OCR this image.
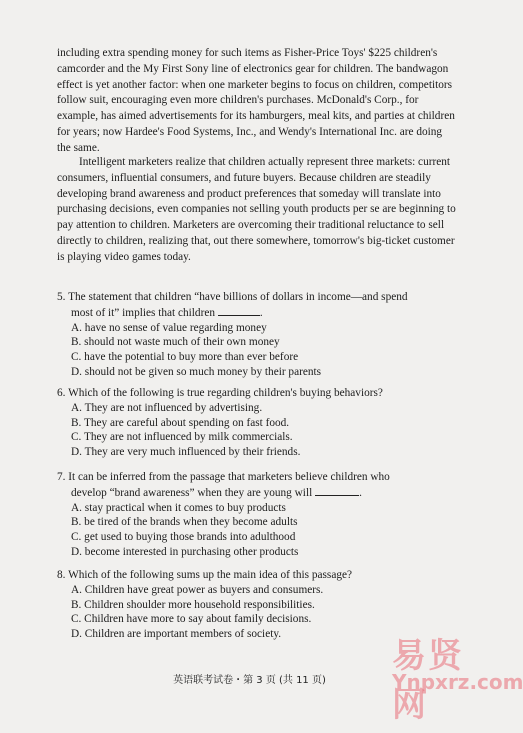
including extra spending money for such items as Fisher-Price Toys' $225 children's camcorder and the My First Sony line of electronics gear for children. The bandwagon effect is yet another factor: when one marketer begins to focus on children, competitors follow suit, encouraging even more children's purchases. McDonald's Corp., for example, has aimed advertisements for its hamburgers, meal kits, and parties at children for years; now Hardee's Food Systems, Inc., and Wendy's International Inc. are doing the same.

Intelligent marketers realize that children actually represent three markets: current consumers, influential consumers, and future buyers. Because children are steadily developing brand awareness and product preferences that someday will translate into purchasing decisions, even companies not selling youth products per se are beginning to pay attention to children. Marketers are overcoming their traditional reluctance to sell directly to children, realizing that, out there somewhere, tomorrow's big-ticket customer is playing video games today.

5. The statement that children “have billions of dollars in income—and spend
most of it” implies that children	.
A. have no sense of value regarding money
B. should not waste much of their own money
C. have the potential to buy more than ever before
D. should not be given so much money by their parents
6. Which of the following is true regarding children's buying behaviors?
A. They are not influenced by advertising.
B. They are careful about spending on fast food.
C. They are not influenced by milk commercials.
D. They are very much influenced by their friends.
7. It can be inferred from the passage that marketers believe children who
develop “brand awareness” when they are young will	.
A. stay practical when it comes to buy products
B. be tired of the brands when they become adults
C. get used to buying those brands into adulthood
D. become interested in purchasing other products
8. Which of the following sums up the main idea of this passage?
A. Children have great power as buyers and consumers.
B. Children shoulder more household responsibilities.
C. Children have more to say about family decisions.
D. Children are important members of society.
英语联考试卷・第 3 页 (共 11 页)
易贤网
Ynpxrz.com
